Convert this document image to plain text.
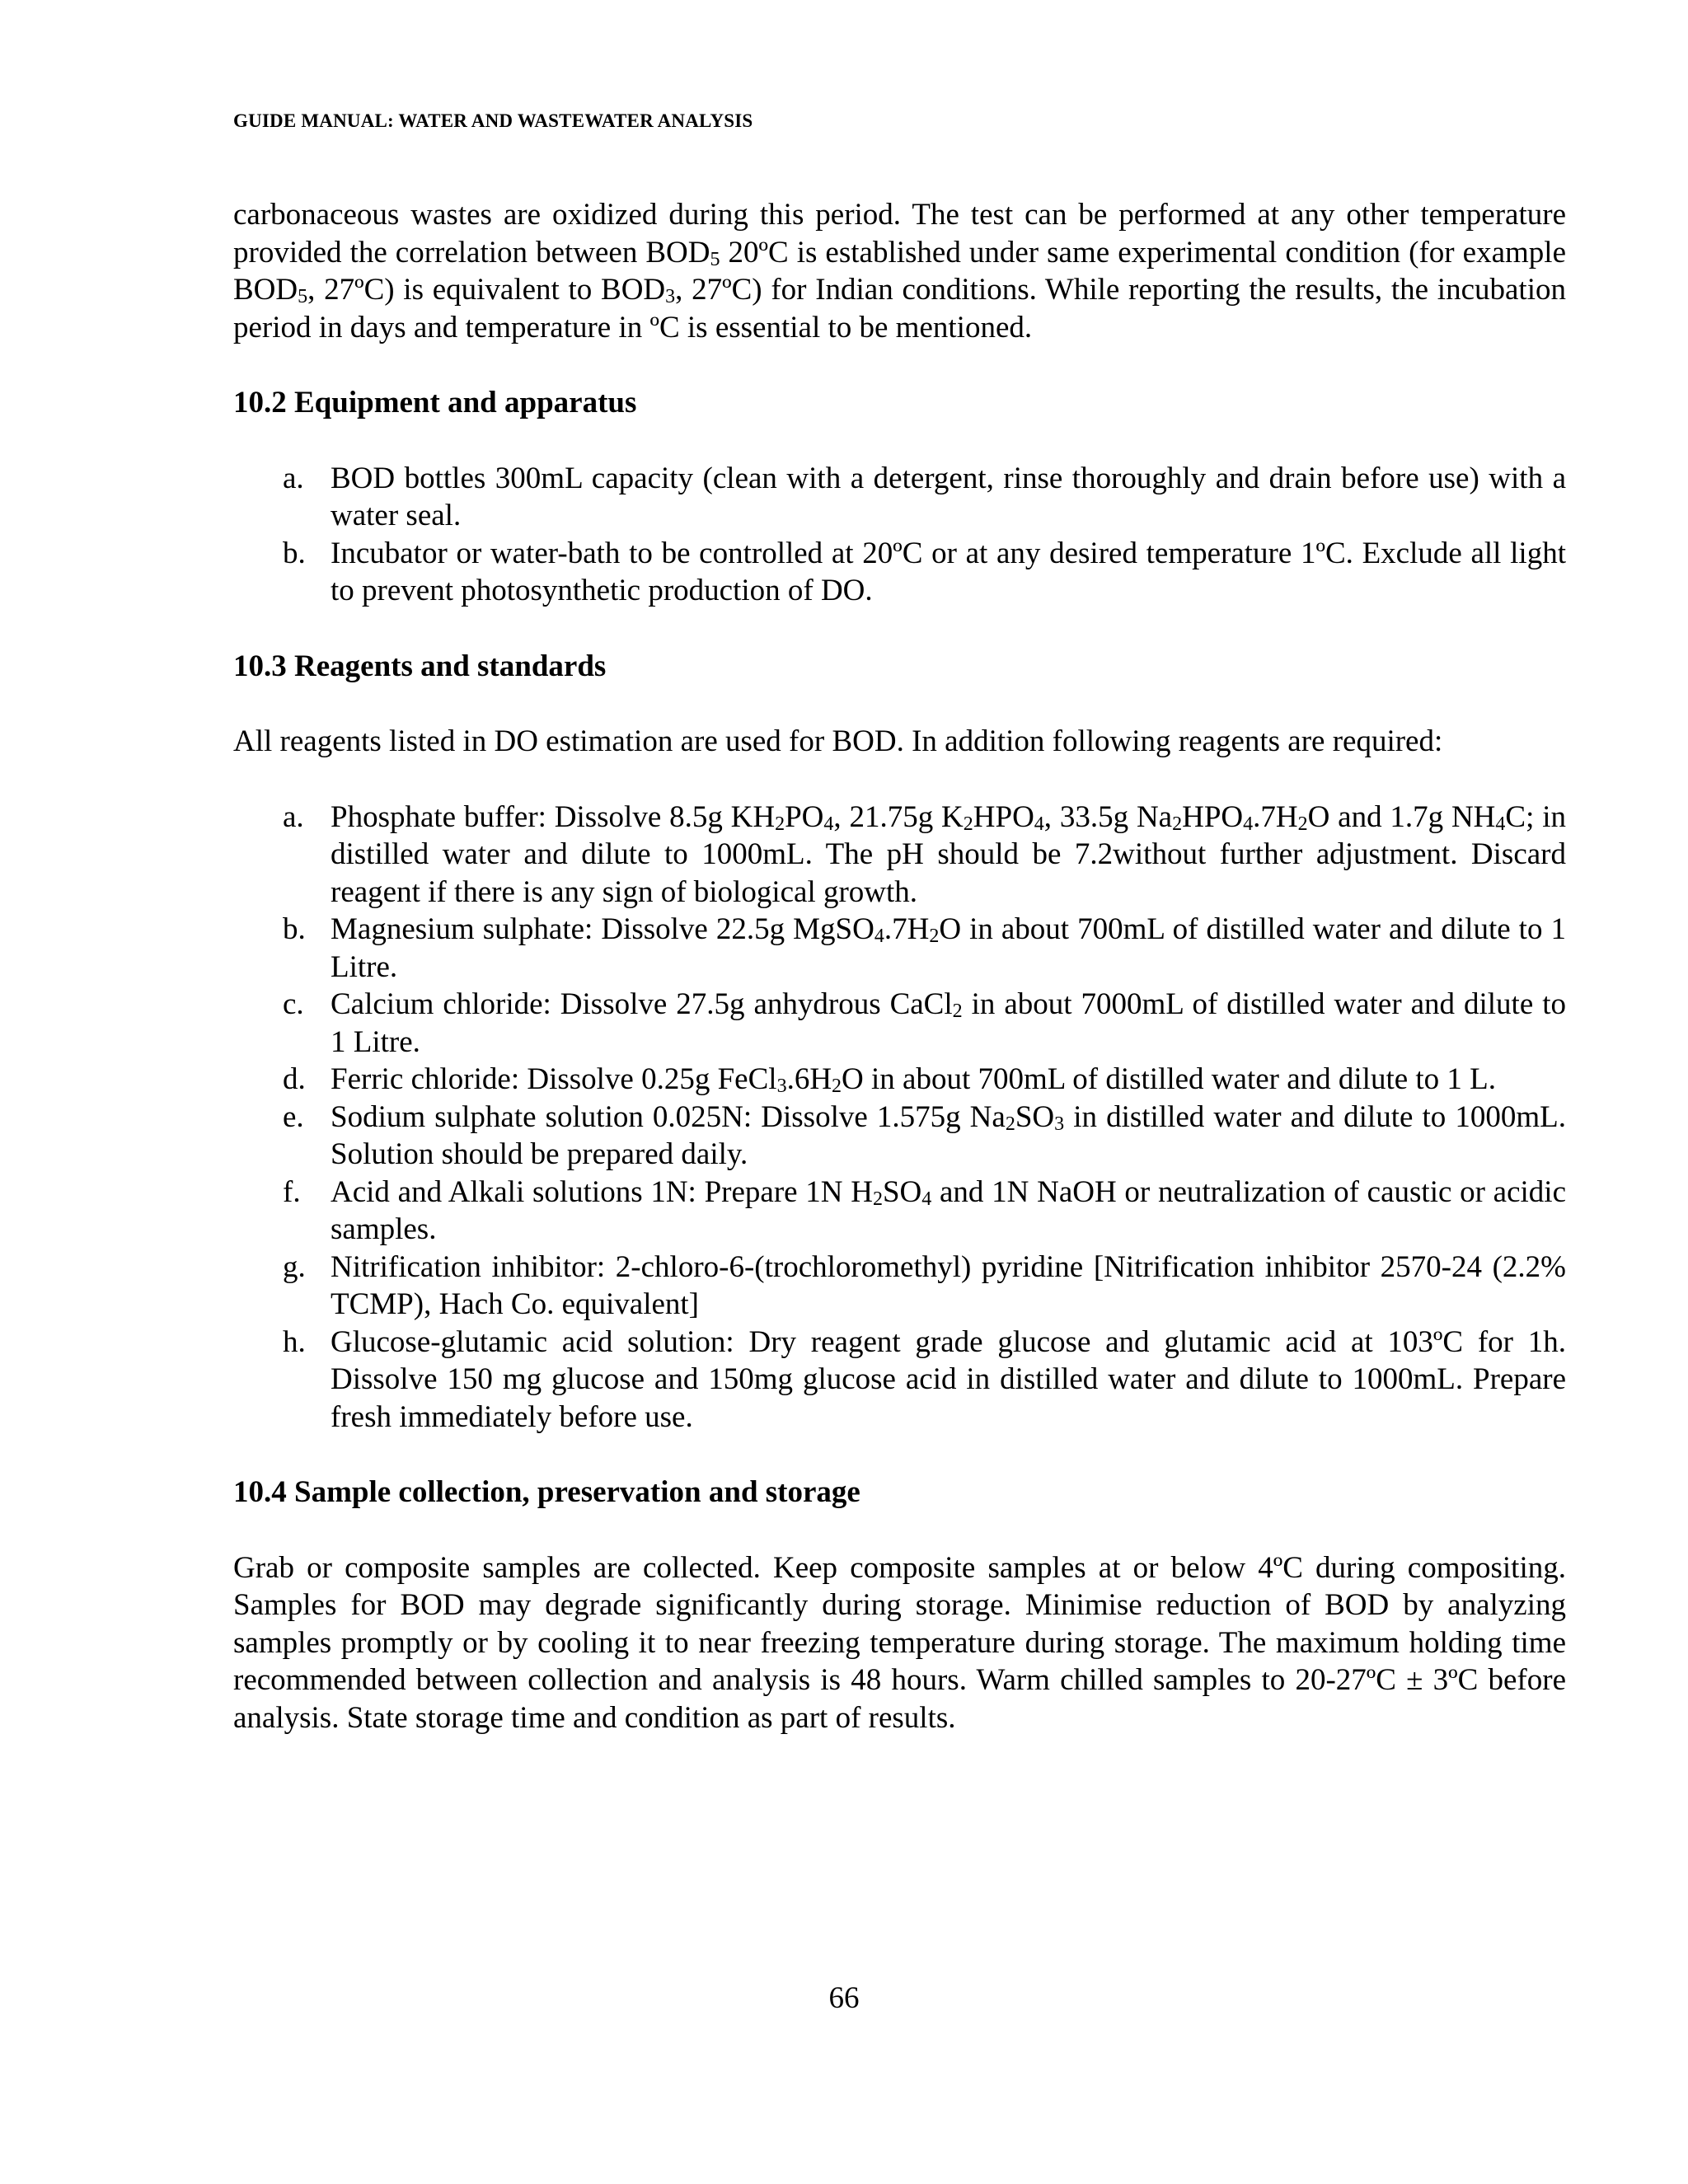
GUIDE MANUAL: WATER AND WASTEWATER ANALYSIS

carbonaceous wastes are oxidized during this period. The test can be performed at any other temperature provided the correlation between $BOD_5$ 20ºC is established under same experimental condition (for example $BOD_5$, 27ºC) is equivalent to $BOD_3$, 27ºC) for Indian conditions. While reporting the results, the incubation period in days and temperature in ºC is essential to be mentioned.

10.2 Equipment and apparatus
a. BOD bottles 300mL capacity (clean with a detergent, rinse thoroughly and drain before use) with a water seal.
b. Incubator or water-bath to be controlled at 20ºC or at any desired temperature 1ºC. Exclude all light to prevent photosynthetic production of DO.
10.3 Reagents and standards

All reagents listed in DO estimation are used for BOD. In addition following reagents are required:

a. Phosphate buffer: Dissolve 8.5g $KH_2PO_4$, 21.75g $K_2HPO_4$, 33.5g $Na_2HPO_4.7H_2O$ and 1.7g $NH_4C$; in distilled water and dilute to 1000mL. The pH should be 7.2without further adjustment. Discard reagent if there is any sign of biological growth.
b. Magnesium sulphate: Dissolve 22.5g $MgSO_4.7H_2O$ in about 700mL of distilled water and dilute to 1 Litre.
c. Calcium chloride: Dissolve 27.5g anhydrous CaCl$_2$ in about 7000mL of distilled water and dilute to 1 Litre.
d. Ferric chloride: Dissolve 0.25g $FeCl_3.6H_2O$ in about 700mL of distilled water and dilute to 1 L.
e. Sodium sulphate solution 0.025N: Dissolve 1.575g $Na_2SO_3$ in distilled water and dilute to 1000mL. Solution should be prepared daily.
f. Acid and Alkali solutions 1N: Prepare 1N $H_2SO_4$ and 1N NaOH or neutralization of caustic or acidic samples.
g. Nitrification inhibitor: 2-chloro-6-(trochloromethyl) pyridine [Nitrification inhibitor 2570-24 (2.2% TCMP), Hach Co. equivalent]
h. Glucose-glutamic acid solution: Dry reagent grade glucose and glutamic acid at 103ºC for 1h. Dissolve 150 mg glucose and 150mg glucose acid in distilled water and dilute to 1000mL. Prepare fresh immediately before use.
10.4 Sample collection, preservation and storage

Grab or composite samples are collected. Keep composite samples at or below 4ºC during compositing. Samples for BOD may degrade significantly during storage. Minimise reduction of BOD by analyzing samples promptly or by cooling it to near freezing temperature during storage. The maximum holding time recommended between collection and analysis is 48 hours. Warm chilled samples to 20-27ºC ± 3ºC before analysis. State storage time and condition as part of results.

66
